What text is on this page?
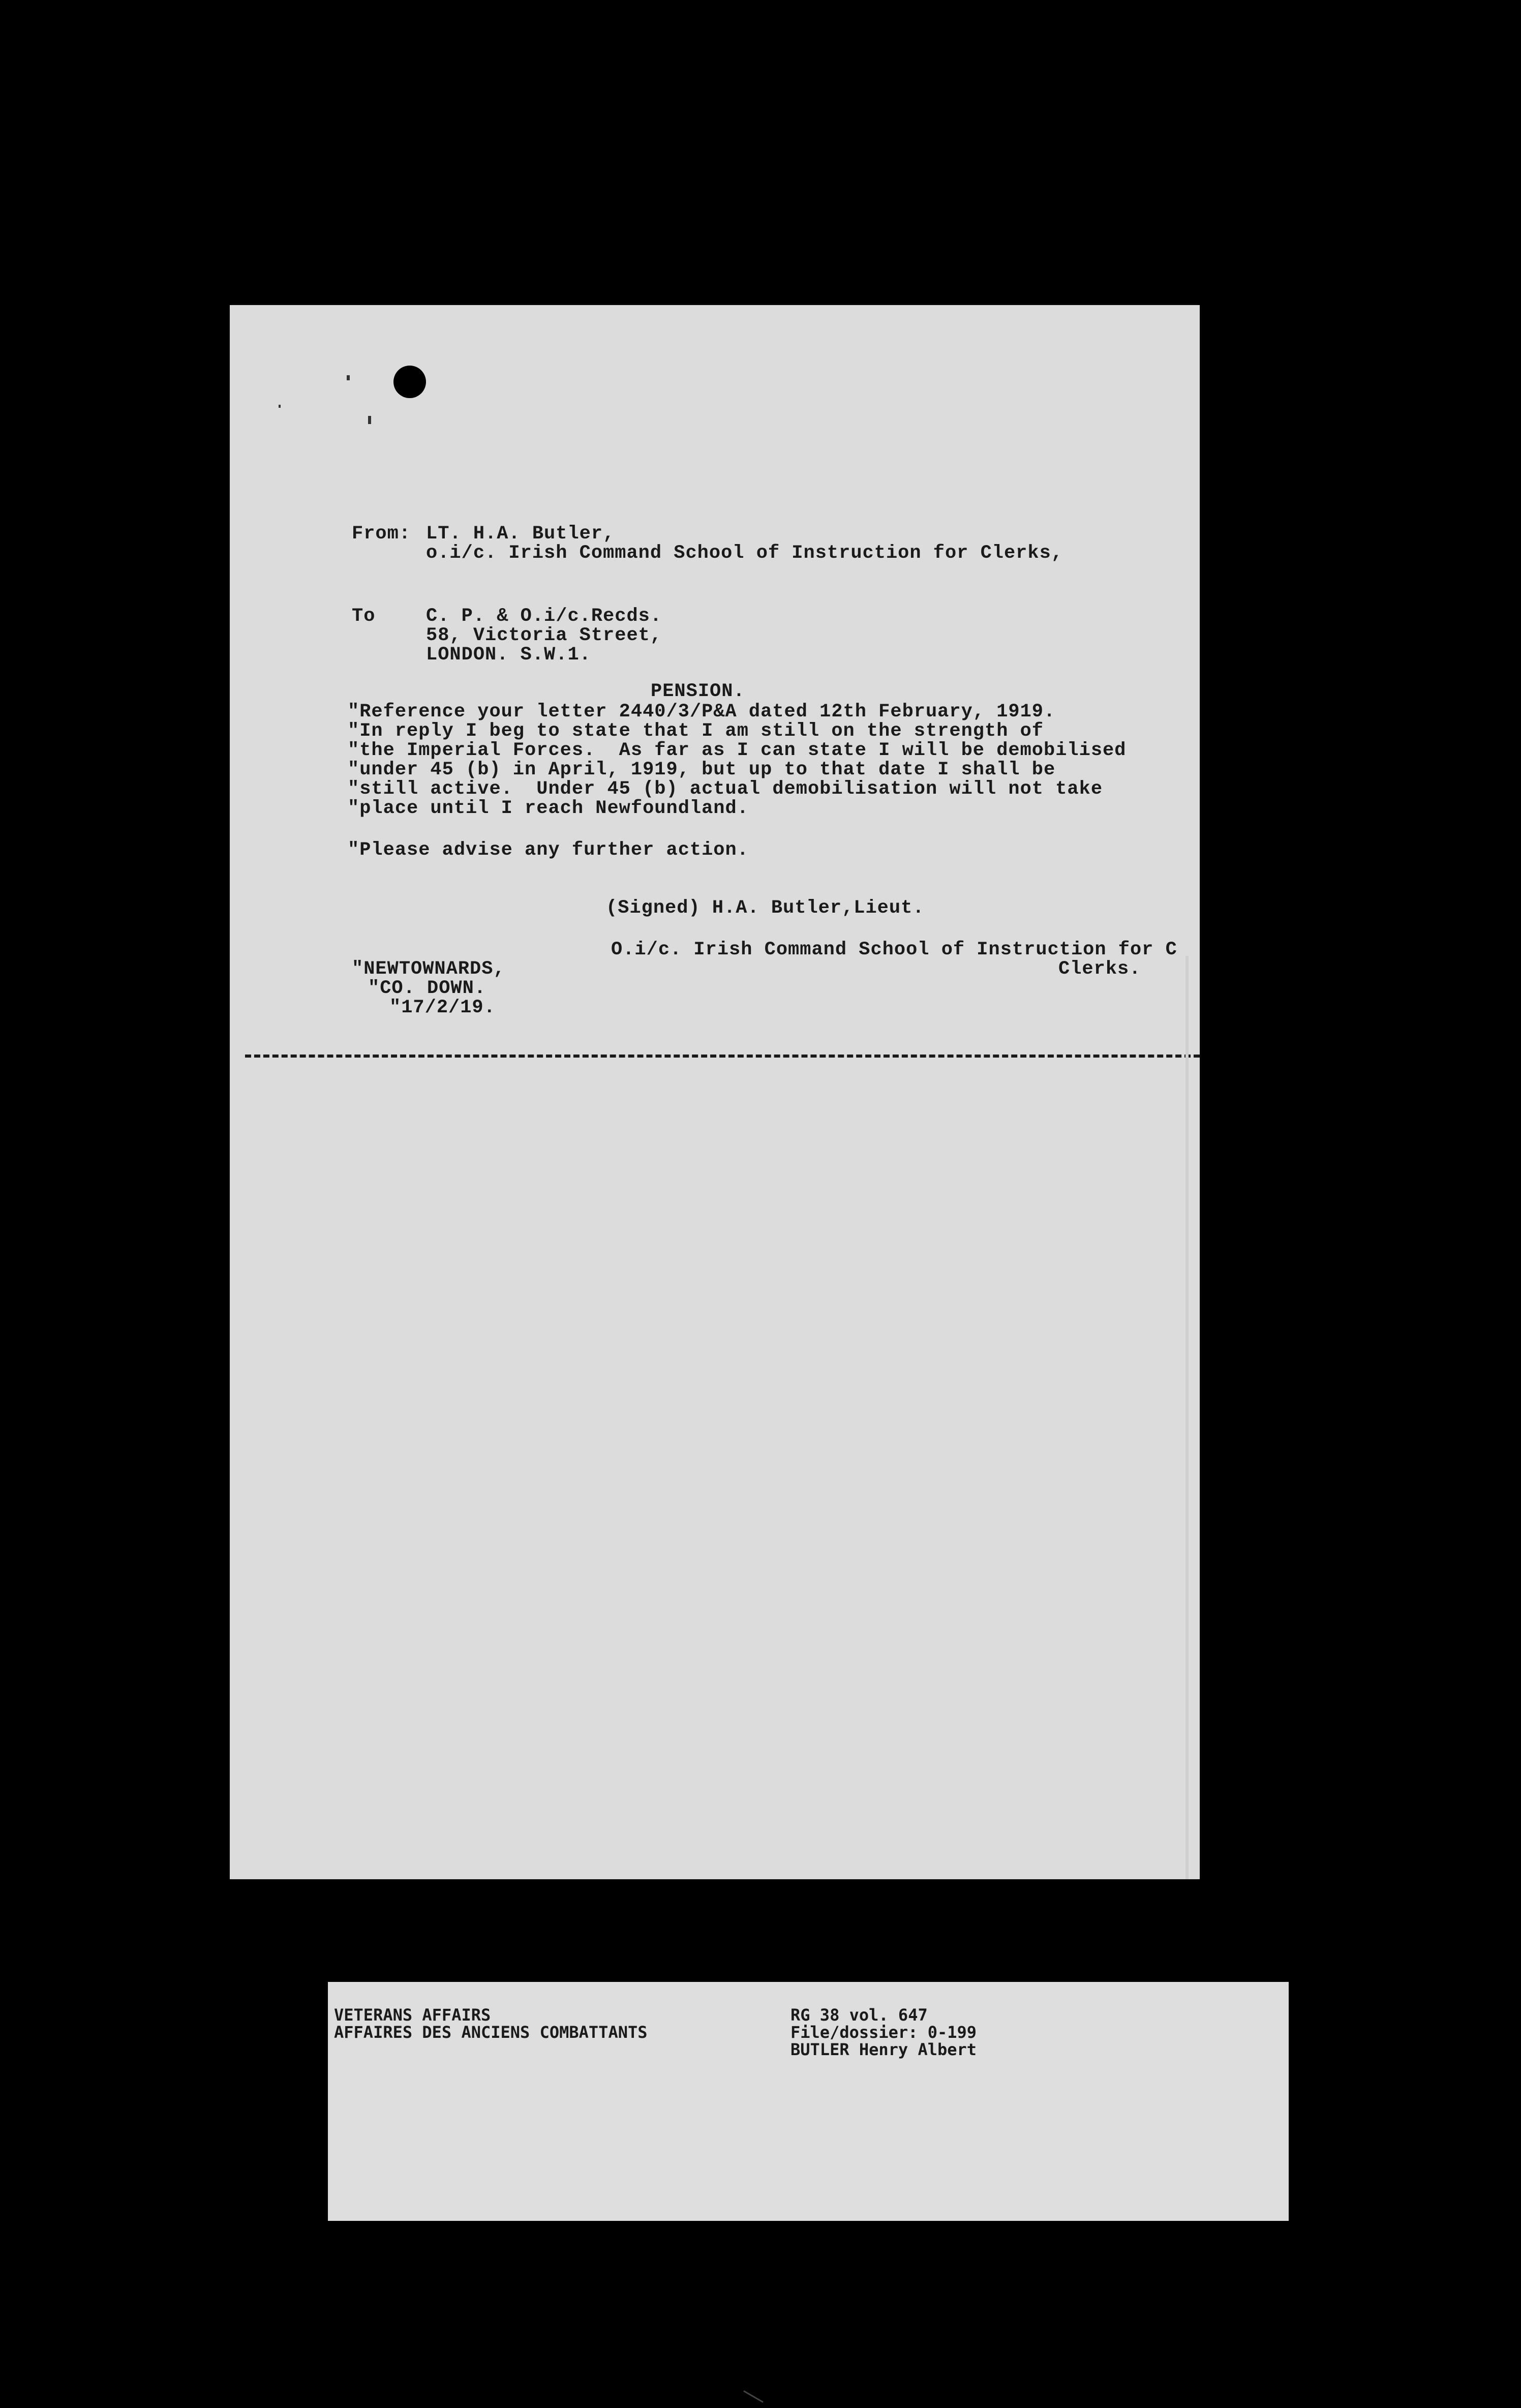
From: LT. H.A. Butler,
o.i/c. Irish Command School of Instruction for Clerks,
To	C. P. & O.i/c.Recds.
58, Victoria Street,
LONDON. S.W.1.
PENSION.
"Reference your letter 2440/3/P&A dated 12th February, 1919.
"In reply I beg to state that I am still on the strength of
"the Imperial Forces.  As far as I can state I will be demobilised
"under 45 (b) in April, 1919, but up to that date I shall be
"still active.  Under 45 (b) actual demobilisation will not take
"place until I reach Newfoundland.
"Please advise any further action.
(Signed) H.A. Butler,Lieut.
O.i/c. Irish Command School of Instruction for C
Clerks.
"NEWTOWNARDS,
"CO. DOWN.
"17/2/19.
VETERANS AFFAIRS
AFFAIRES DES ANCIENS COMBATTANTS
RG 38 vol. 647
File/dossier: 0-199
BUTLER Henry Albert
